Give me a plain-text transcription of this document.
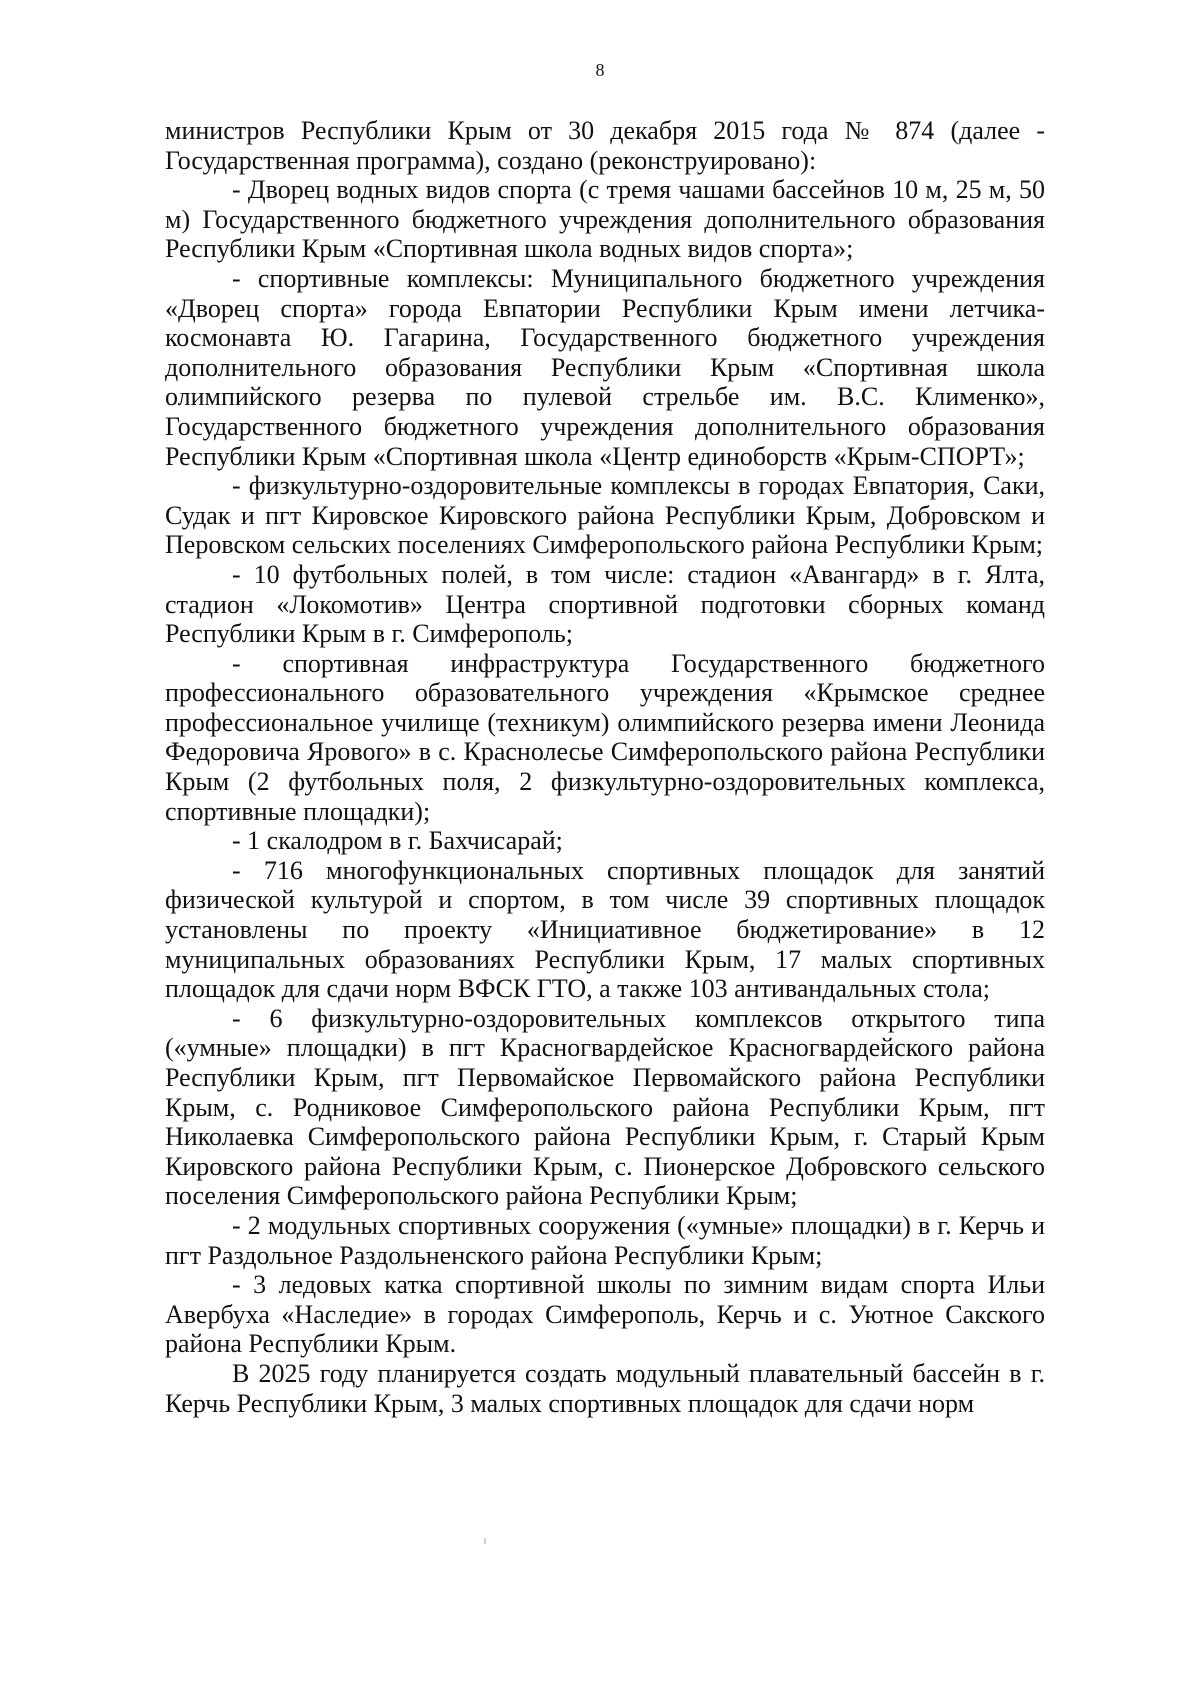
8

министров Республики Крым от 30 декабря 2015 года № 874 (далее - Государственная программа), создано (реконструировано):

- Дворец водных видов спорта (с тремя чашами бассейнов 10 м, 25 м, 50 м) Государственного бюджетного учреждения дополнительного образования Республики Крым «Спортивная школа водных видов спорта»;

- спортивные комплексы: Муниципального бюджетного учреждения «Дворец спорта» города Евпатории Республики Крым имени летчика-космонавта Ю. Гагарина, Государственного бюджетного учреждения дополнительного образования Республики Крым «Спортивная школа олимпийского резерва по пулевой стрельбе им. В.С. Клименко», Государственного бюджетного учреждения дополнительного образования Республики Крым «Спортивная школа «Центр единоборств «Крым-СПОРТ»;

- физкультурно-оздоровительные комплексы в городах Евпатория, Саки, Судак и пгт Кировское Кировского района Республики Крым, Добровском и Перовском сельских поселениях Симферопольского района Республики Крым;

- 10 футбольных полей, в том числе: стадион «Авангард» в г. Ялта, стадион «Локомотив» Центра спортивной подготовки сборных команд Республики Крым в г. Симферополь;

- спортивная инфраструктура Государственного бюджетного профессионального образовательного учреждения «Крымское среднее профессиональное училище (техникум) олимпийского резерва имени Леонида Федоровича Ярового» в с. Краснолесье Симферопольского района Республики Крым (2 футбольных поля, 2 физкультурно-оздоровительных комплекса, спортивные площадки);

- 1 скалодром в г. Бахчисарай;

- 716 многофункциональных спортивных площадок для занятий физической культурой и спортом, в том числе 39 спортивных площадок установлены по проекту «Инициативное бюджетирование» в 12 муниципальных образованиях Республики Крым, 17 малых спортивных площадок для сдачи норм ВФСК ГТО, а также 103 антивандальных стола;

- 6 физкультурно-оздоровительных комплексов открытого типа («умные» площадки) в пгт Красногвардейское Красногвардейского района Республики Крым, пгт Первомайское Первомайского района Республики Крым, с. Родниковое Симферопольского района Республики Крым, пгт Николаевка Симферопольского района Республики Крым, г. Старый Крым Кировского района Республики Крым, с. Пионерское Добровского сельского поселения Симферопольского района Республики Крым;

- 2 модульных спортивных сооружения («умные» площадки) в г. Керчь и пгт Раздольное Раздольненского района Республики Крым;

- 3 ледовых катка спортивной школы по зимним видам спорта Ильи Авербуха «Наследие» в городах Симферополь, Керчь и с. Уютное Сакского района Республики Крым.

В 2025 году планируется создать модульный плавательный бассейн в г. Керчь Республики Крым, 3 малых спортивных площадок для сдачи норм
